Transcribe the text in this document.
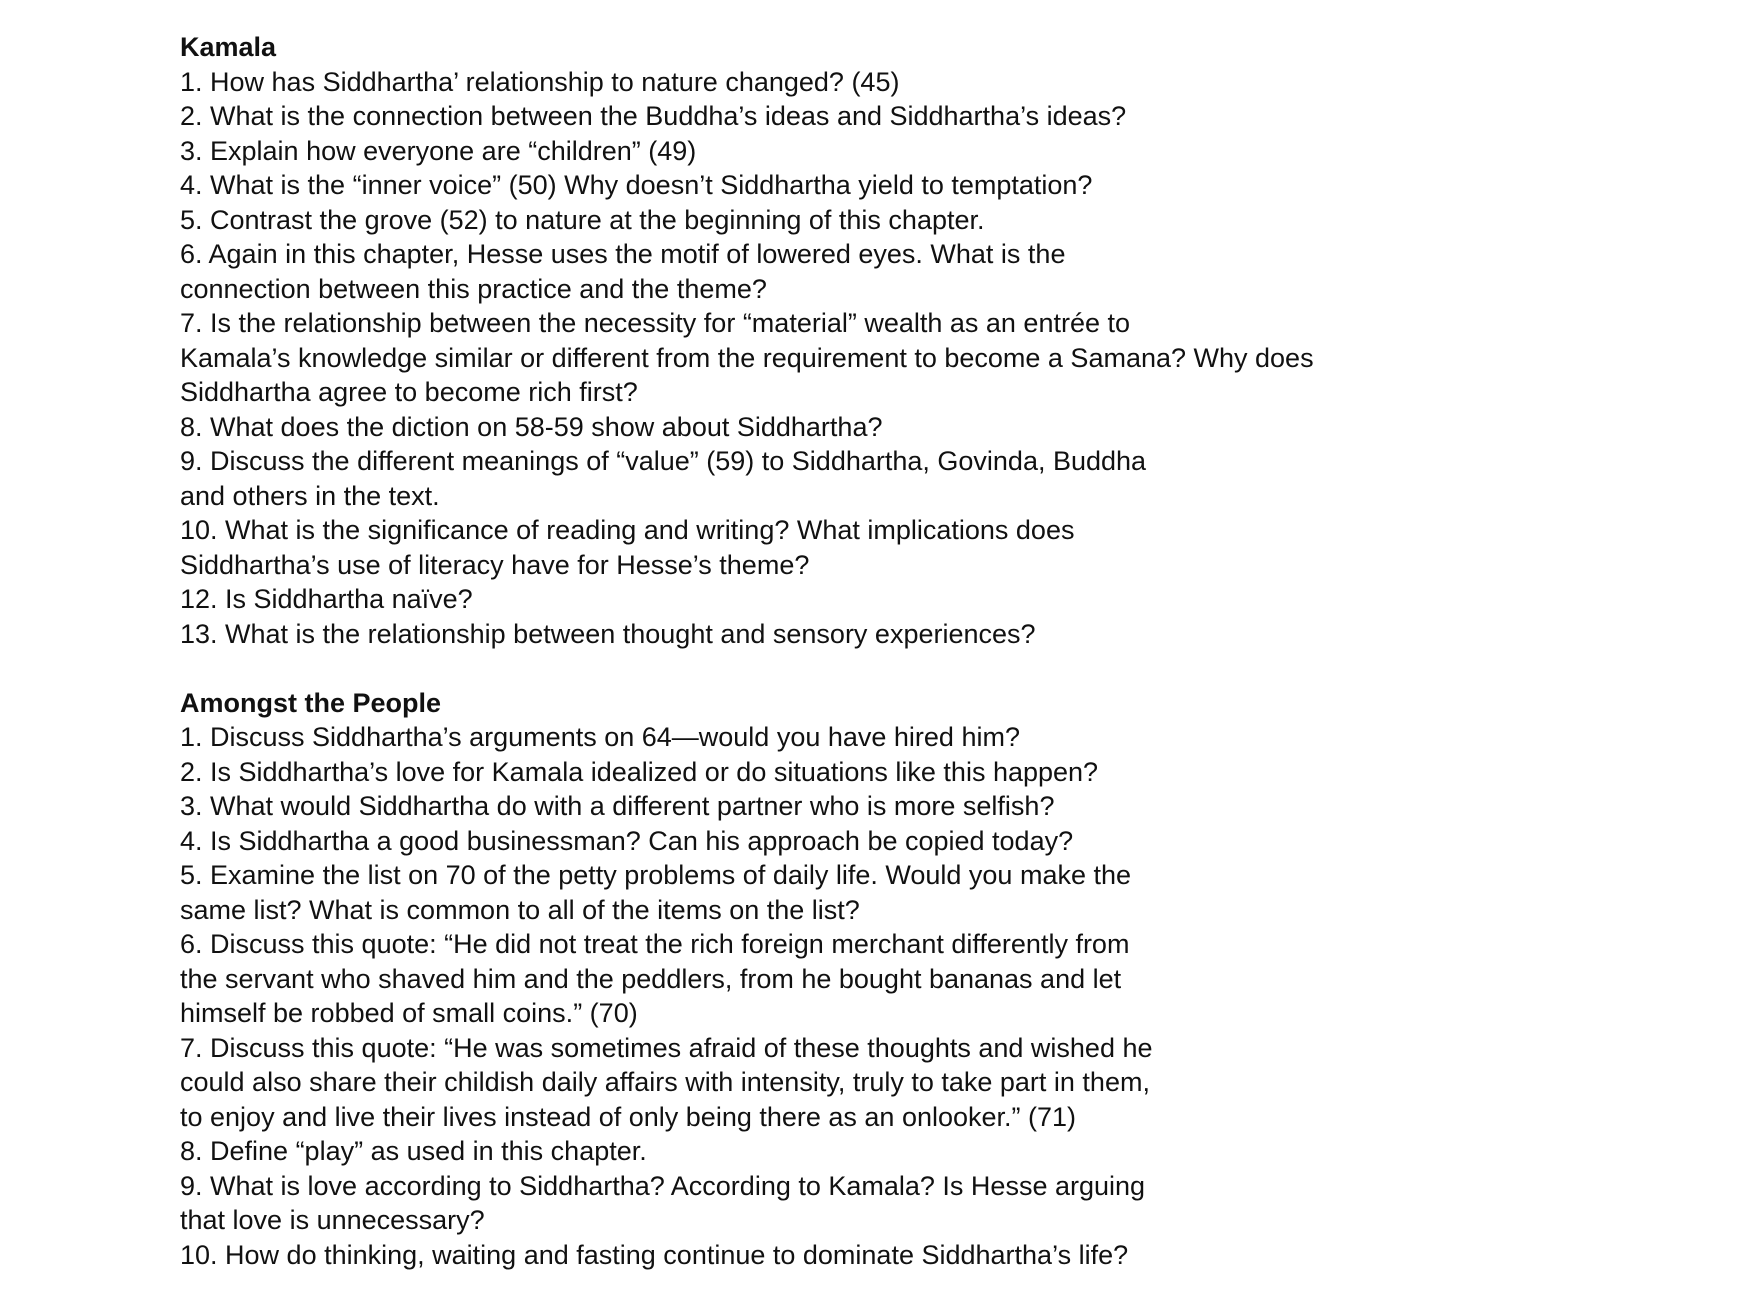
Kamala

1. How has Siddhartha’ relationship to nature changed? (45)

2. What is the connection between the Buddha’s ideas and Siddhartha’s ideas?

3. Explain how everyone are “children” (49)

4. What is the “inner voice” (50) Why doesn’t Siddhartha yield to temptation?

5. Contrast the grove (52) to nature at the beginning of this chapter.

6. Again in this chapter, Hesse uses the motif of lowered eyes. What is the

connection between this practice and the theme?

7. Is the relationship between the necessity for “material” wealth as an entrée to

Kamala’s knowledge similar or different from the requirement to become a Samana? Why does

Siddhartha agree to become rich first?

8. What does the diction on 58-59 show about Siddhartha?

9. Discuss the different meanings of “value” (59) to Siddhartha, Govinda, Buddha

and others in the text.

10. What is the significance of reading and writing? What implications does

Siddhartha’s use of literacy have for Hesse’s theme?

12. Is Siddhartha naïve?

13. What is the relationship between thought and sensory experiences?

Amongst the People

1. Discuss Siddhartha’s arguments on 64—would you have hired him?

2. Is Siddhartha’s love for Kamala idealized or do situations like this happen?

3. What would Siddhartha do with a different partner who is more selfish?

4. Is Siddhartha a good businessman? Can his approach be copied today?

5. Examine the list on 70 of the petty problems of daily life. Would you make the

same list? What is common to all of the items on the list?

6. Discuss this quote: “He did not treat the rich foreign merchant differently from

the servant who shaved him and the peddlers, from he bought bananas and let

himself be robbed of small coins.” (70)

7. Discuss this quote: “He was sometimes afraid of these thoughts and wished he

could also share their childish daily affairs with intensity, truly to take part in them,

to enjoy and live their lives instead of only being there as an onlooker.” (71)

8. Define “play” as used in this chapter.

9. What is love according to Siddhartha? According to Kamala? Is Hesse arguing

that love is unnecessary?

10. How do thinking, waiting and fasting continue to dominate Siddhartha’s life?
